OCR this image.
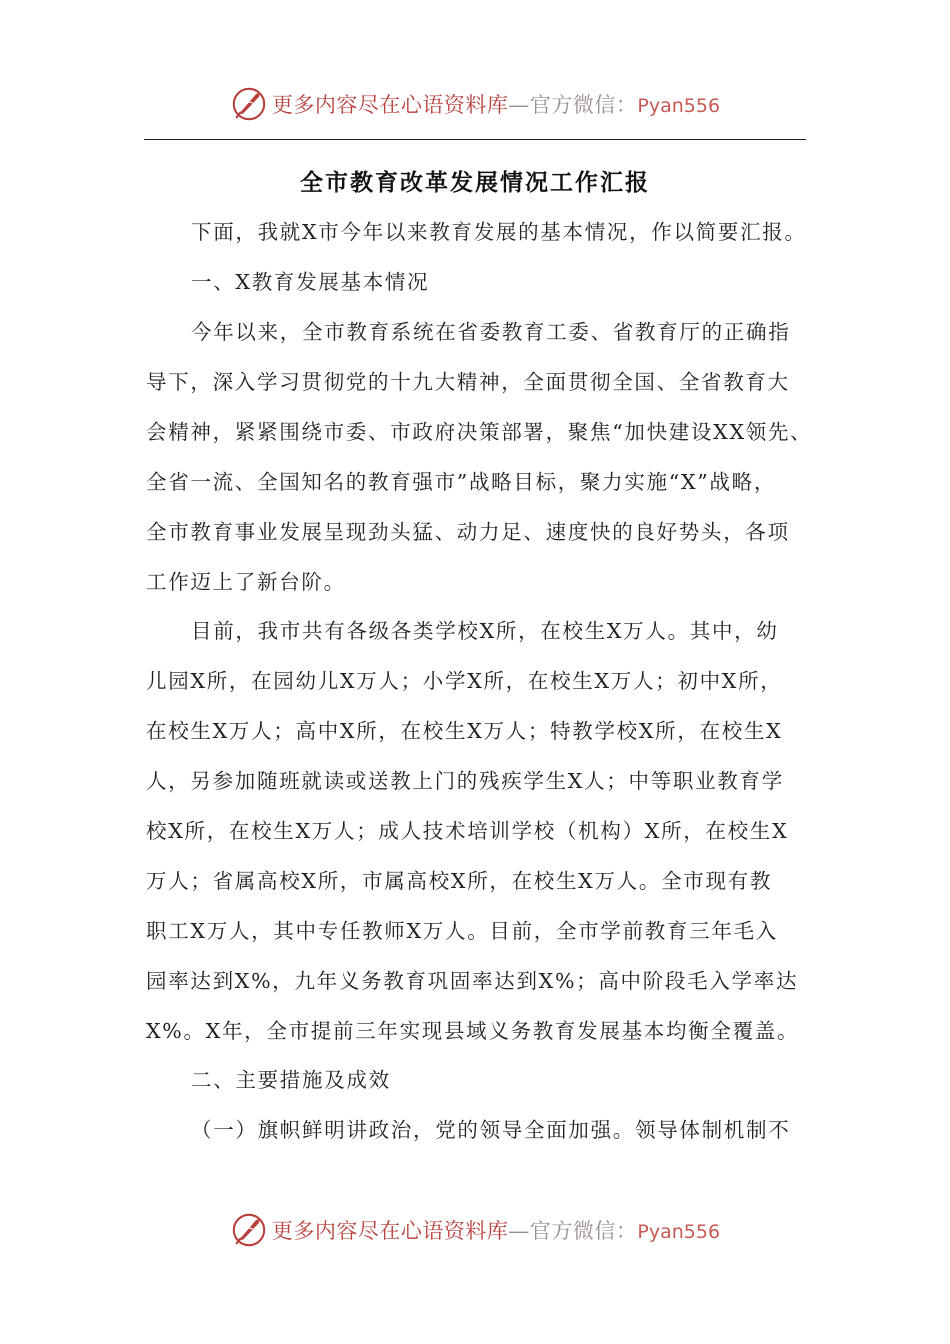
更多内容尽在心语资料库—官方微信：Pyan556
全市教育改革发展情况工作汇报
下面，我就X市今年以来教育发展的基本情况，作以简要汇报。
一、X教育发展基本情况
今年以来，全市教育系统在省委教育工委、省教育厅的正确指
导下，深入学习贯彻党的十九大精神，全面贯彻全国、全省教育大
会精神，紧紧围绕市委、市政府决策部署，聚焦“加快建设XX领先、
全省一流、全国知名的教育强市”战略目标，聚力实施“X”战略，
全市教育事业发展呈现劲头猛、动力足、速度快的良好势头，各项
工作迈上了新台阶。
目前，我市共有各级各类学校X所，在校生X万人。其中，幼
儿园X所，在园幼儿X万人；小学X所，在校生X万人；初中X所，
在校生X万人；高中X所，在校生X万人；特教学校X所，在校生X
人，另参加随班就读或送教上门的残疾学生X人；中等职业教育学
校X所，在校生X万人；成人技术培训学校（机构）X所，在校生X
万人；省属高校X所，市属高校X所，在校生X万人。全市现有教
职工X万人，其中专任教师X万人。目前，全市学前教育三年毛入
园率达到X%，九年义务教育巩固率达到X%；高中阶段毛入学率达
X%。X年，全市提前三年实现县域义务教育发展基本均衡全覆盖。
二、主要措施及成效
（一）旗帜鲜明讲政治，党的领导全面加强。领导体制机制不
更多内容尽在心语资料库—官方微信：Pyan556
